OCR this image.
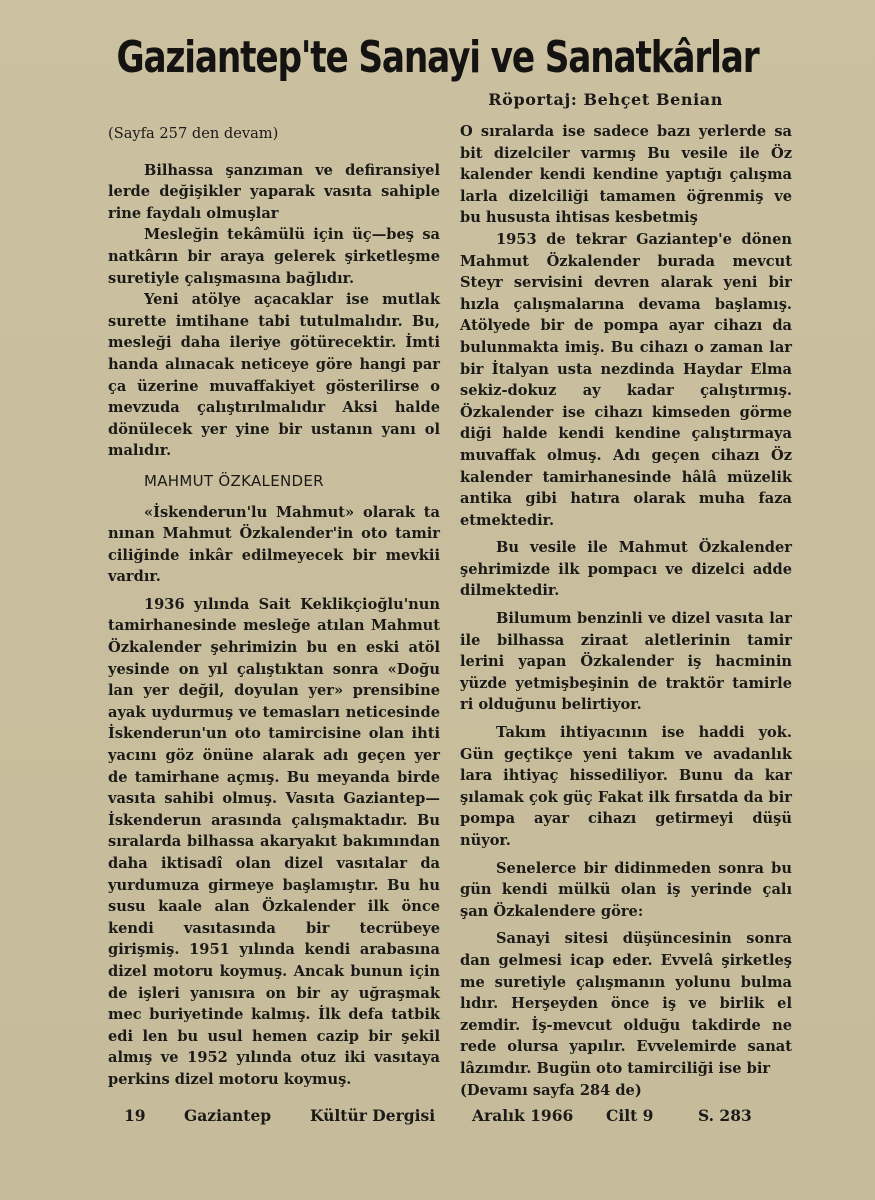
Gaziantep'te Sanayi ve Sanatkârlar
Röportaj: Behçet Benian

(Sayfa 257 den devam)

Bilhassa şanzıman ve defiransiyel lerde değişikler yaparak vasıta sahiple rine faydalı olmuşlar

Mesleğin tekâmülü için üç—beş sa natkârın bir araya gelerek şirketleşme suretiyle çalışmasına bağlıdır.

Yeni atölye açacaklar ise mutlak surette imtihane tabi tutulmalıdır. Bu, mesleği daha ileriye götürecektir. İmti handa alınacak neticeye göre hangi par ça üzerine muvaffakiyet gösterilirse o mevzuda çalıştırılmalıdır Aksi halde dönülecek yer yine bir ustanın yanı ol malıdır.

MAHMUT ÖZKALENDER

«İskenderun'lu Mahmut» olarak ta nınan Mahmut Özkalender'in oto tamir ciliğinde inkâr edilmeyecek bir mevkii vardır.

1936 yılında Sait Keklikçioğlu'nun tamirhanesinde mesleğe atılan Mahmut Özkalender şehrimizin bu en eski atöl yesinde on yıl çalıştıktan sonra «Doğu lan yer değil, doyulan yer» prensibine ayak uydurmuş ve temasları neticesinde İskenderun'un oto tamircisine olan ihti yacını göz önüne alarak adı geçen yer de tamirhane açmış. Bu meyanda birde vasıta sahibi olmuş. Vasıta Gaziantep—İskenderun arasında çalışmaktadır. Bu sıralarda bilhassa akaryakıt bakımından daha iktisadî olan dizel vasıtalar da yurdumuza girmeye başlamıştır. Bu hu susu kaale alan Özkalender ilk önce kendi vasıtasında bir tecrübeye girişmiş. 1951 yılında kendi arabasına dizel motoru koymuş. Ancak bunun için de işleri yanısıra on bir ay uğraşmak mec buriyetinde kalmış. İlk defa tatbik edi len bu usul hemen cazip bir şekil almış ve 1952 yılında otuz iki vasıtaya perkins dizel motoru koymuş.

O sıralarda ise sadece bazı yerlerde sa bit dizelciler varmış Bu vesile ile Öz kalender kendi kendine yaptığı çalışma larla dizelciliği tamamen öğrenmiş ve bu hususta ihtisas kesbetmiş

1953 de tekrar Gaziantep'e dönen Mahmut Özkalender burada mevcut Steyr servisini devren alarak yeni bir hızla çalışmalarına devama başlamış. Atölyede bir de pompa ayar cihazı da bulunmaktа imiş. Bu cihazı o zaman lar bir İtalyan usta nezdinda Haydar Elma sekiz-dokuz ay kadar çalıştırmış. Özkalender ise cihazı kimseden görme diği halde kendi kendine çalıştırmaya muvaffak olmuş. Adı geçen cihazı Öz kalender tamirhanesinde hâlâ müzelik antika gibi hatıra olarak muha faza etmektedir.

Bu vesile ile Mahmut Özkalender şehrimizde ilk pompacı ve dizelci adde dilmektedir.

Bilumum benzinli ve dizel vasıta lar ile bilhassa ziraat aletlerinin tamir lerini yapan Özkalender iş hacminin yüzde yetmişbeşinin de traktör tamirle ri olduğunu belirtiyor.

Takım ihtiyacının ise haddi yok. Gün geçtikçe yeni takım ve avadanlık lara ihtiyaç hissediliyor. Bunu da kar şılamak çok güç Fakat ilk fırsatda da bir pompa ayar cihazı getirmeyi düşü nüyor.

Senelerce bir didinmeden sonra bu gün kendi mülkü olan iş yerinde çalı şan Özkalendere göre:

Sanayi sitesi düşüncesinin sonra dan gelmesi icap eder. Evvelâ şirketleş me suretiyle çalışmanın yolunu bulma lıdır. Herşeyden önce iş ve birlik el zemdir. İş-mevcut olduğu takdirde ne rede olursa yapılır. Evvelemirde sanat lâzımdır. Bugün oto tamirciliği ise bir

(Devamı sayfa 284 de)

19 Gaziantep	Kültür Dergisi Aralık 1966 Cilt 9	S. 283
